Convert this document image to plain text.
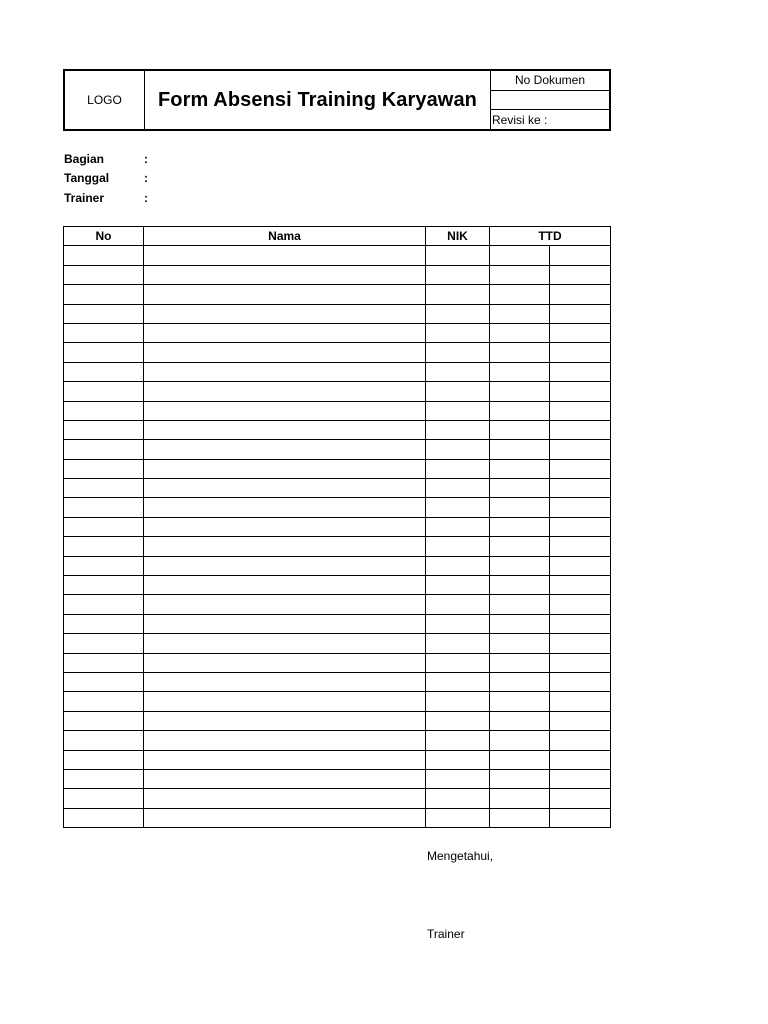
LOGO	Form Absensi Training Karyawan
No Dokumen
Revisi ke :
Bagian	:
Tanggal	:
Trainer	:
No	Nama	NIK	TTD	

Mengetahui,
Trainer
